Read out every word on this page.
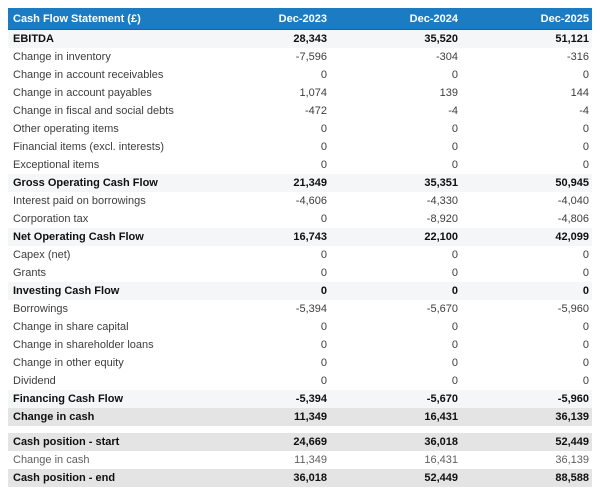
Cash Flow Statement (£)	Dec-2023	Dec-2024	Dec-2025
EBITDA	28,343	35,520	51,121
Change in inventory	-7,596	-304	-316
Change in account receivables	0	0	0
Change in account payables	1,074	139	144
Change in fiscal and social debts	-472	-4	-4
Other operating items	0	0	0
Financial items (excl. interests)	0	0	0
Exceptional items	0	0	0
Gross Operating Cash Flow	21,349	35,351	50,945
Interest paid on borrowings	-4,606	-4,330	-4,040
Corporation tax	0	-8,920	-4,806
Net Operating Cash Flow	16,743	22,100	42,099
Capex (net)	0	0	0
Grants	0	0	0
Investing Cash Flow	0	0	0
Borrowings	-5,394	-5,670	-5,960
Change in share capital	0	0	0
Change in shareholder loans	0	0	0
Change in other equity	0	0	0
Dividend	0	0	0
Financing Cash Flow	-5,394	-5,670	-5,960
Change in cash	11,349	16,431	36,139
Cash position - start	24,669	36,018	52,449
Change in cash	11,349	16,431	36,139
Cash position - end	36,018	52,449	88,588
